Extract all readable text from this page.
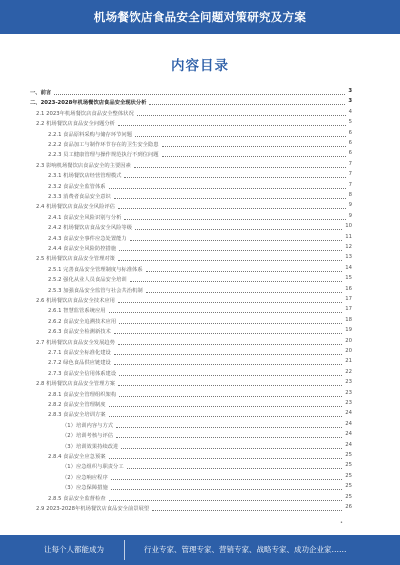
机场餐饮店食品安全问题对策研究及方案
内容目录
一、前言	3
二、2023-2028年机场餐饮店食品安全现状分析	3
2.1 2023年机场餐饮店食品安全整体状况	4
2.2 机场餐饮店食品安全问题分析	5
2.2.1 食品原料采购与储存环节问题	6
2.2.2 食品加工与制作环节存在的卫生安全隐患	6
2.2.3 员工健康管理与操作规范执行不到位问题	6
2.3 影响机场餐饮店食品安全的主要因素	7
2.3.1 机场餐饮店经营管理模式	7
2.3.2 食品安全监管体系	7
2.3.3 消费者食品安全意识	8
2.4 机场餐饮店食品安全风险评估	9
2.4.1 食品安全风险识别与分析	9
2.4.2 机场餐饮店食品安全风险等级	10
2.4.3 食品安全事件应急处置能力	11
2.4.4 食品安全风险防控措施	12
2.5 机场餐饮店食品安全管理对策	13
2.5.1 完善食品安全管理制度与标准体系	14
2.5.2 强化从业人员食品安全培训	15
2.5.3 加强食品安全监管与社会共治机制	16
2.6 机场餐饮店食品安全技术应用	17
2.6.1 智慧监管系统应用	17
2.6.2 食品安全追溯技术应用	18
2.6.3 食品安全检测新技术	19
2.7 机场餐饮店食品安全发展趋势	20
2.7.1 食品安全标准化建设	20
2.7.2 绿色食品供应链建设	21
2.7.3 食品安全信用体系建设	22
2.8 机场餐饮店食品安全管理方案	23
2.8.1 食品安全管理组织架构	23
2.8.2 食品安全管理制度	23
2.8.3 食品安全培训方案	24
（1）培训内容与方式	24
（2）培训考核与评估	24
（3）培训效果持续改进	24
2.8.4 食品安全应急预案	25
（1）应急组织与职责分工	25
（2）应急响应程序	25
（3）应急保障措施	25
2.8.5 食品安全监督检查	25
2.9 2023-2028年机场餐饮店食品安全前景展望	26
•
让每个人都能成为	行业专家、管理专家、营销专家、战略专家、成功企业家……
